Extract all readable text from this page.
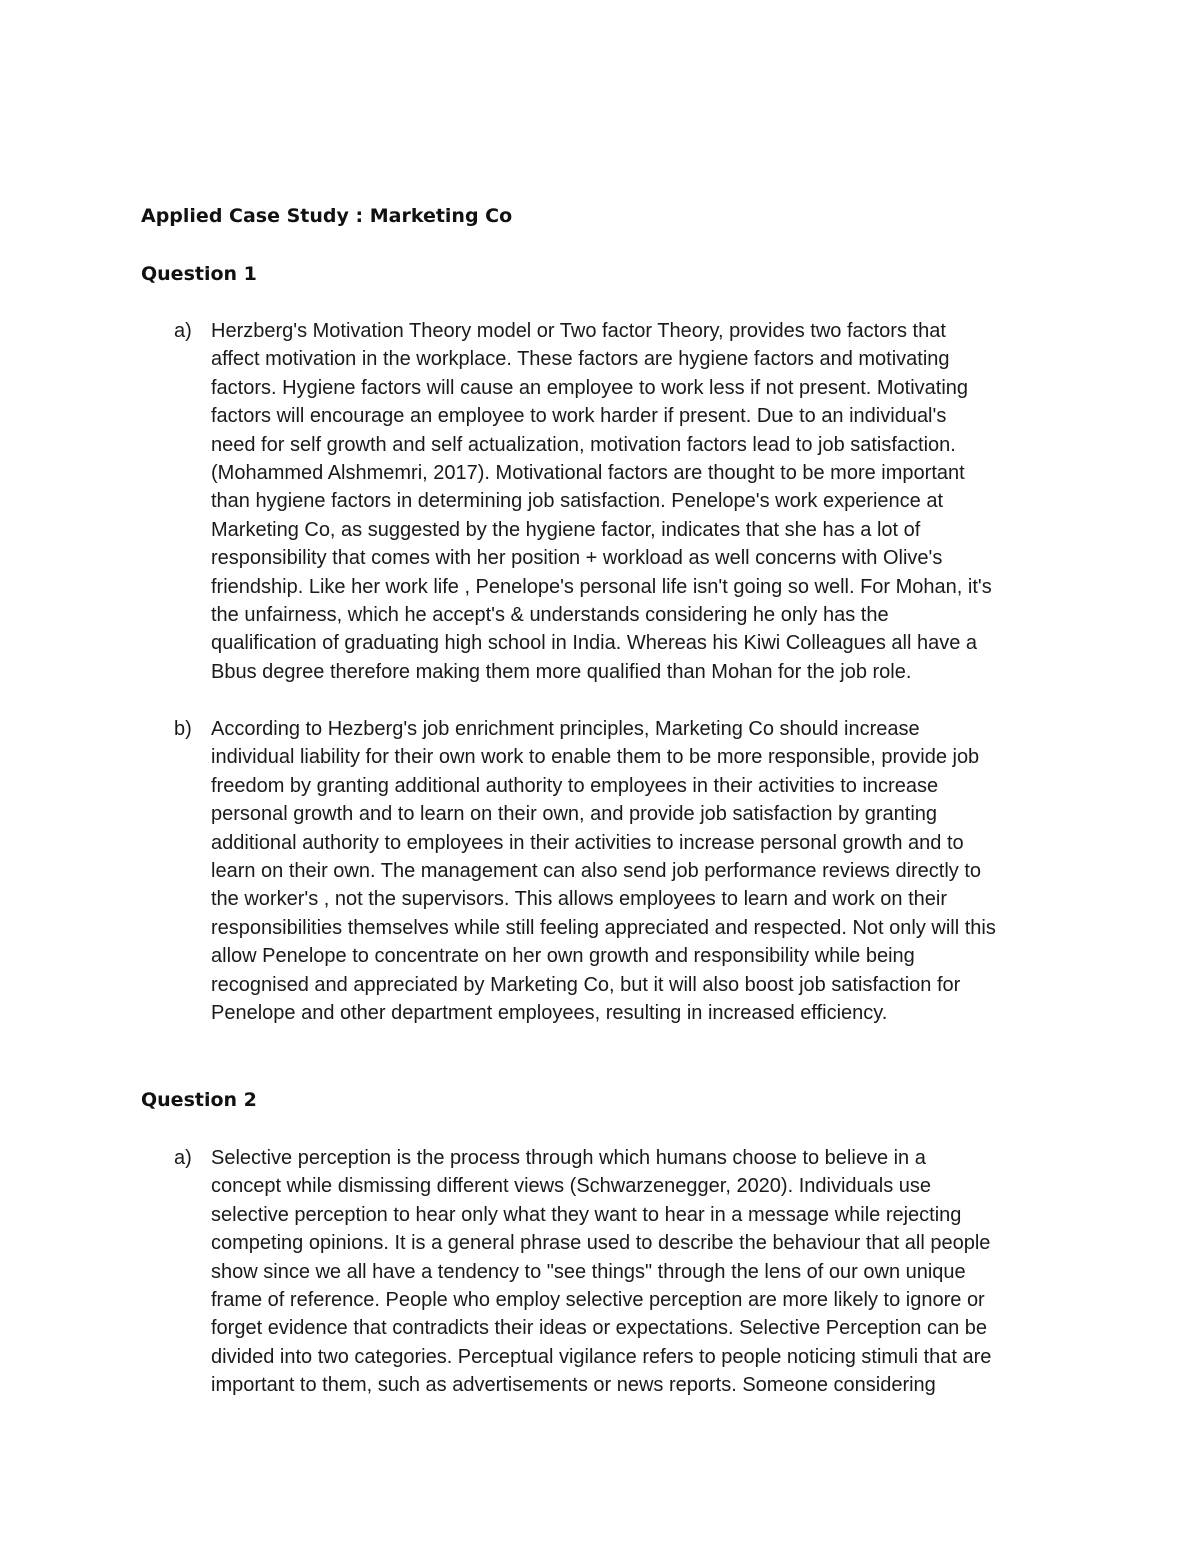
Applied Case Study : Marketing Co
Question 1
a) Herzberg's Motivation Theory model or Two factor Theory, provides two factors that
affect motivation in the workplace. These factors are hygiene factors and motivating
factors. Hygiene factors will cause an employee to work less if not present. Motivating
factors will encourage an employee to work harder if present. Due to an individual's
need for self growth and self actualization, motivation factors lead to job satisfaction.
(Mohammed Alshmemri, 2017). Motivational factors are thought to be more important
than hygiene factors in determining job satisfaction. Penelope's work experience at
Marketing Co, as suggested by the hygiene factor, indicates that she has a lot of
responsibility that comes with her position + workload as well concerns with Olive's
friendship. Like her work life , Penelope's personal life isn't going so well. For Mohan, it's
the unfairness, which he accept's & understands considering he only has the
qualification of graduating high school in India. Whereas his Kiwi Colleagues all have a
Bbus degree therefore making them more qualified than Mohan for the job role.

b) According to Hezberg's job enrichment principles, Marketing Co should increase
individual liability for their own work to enable them to be more responsible, provide job
freedom by granting additional authority to employees in their activities to increase
personal growth and to learn on their own, and provide job satisfaction by granting
additional authority to employees in their activities to increase personal growth and to
learn on their own. The management can also send job performance reviews directly to
the worker's , not the supervisors. This allows employees to learn and work on their
responsibilities themselves while still feeling appreciated and respected. Not only will this
allow Penelope to concentrate on her own growth and responsibility while being
recognised and appreciated by Marketing Co, but it will also boost job satisfaction for
Penelope and other department employees, resulting in increased efficiency.

Question 2
a) Selective perception is the process through which humans choose to believe in a
concept while dismissing different views (Schwarzenegger, 2020). Individuals use
selective perception to hear only what they want to hear in a message while rejecting
competing opinions. It is a general phrase used to describe the behaviour that all people
show since we all have a tendency to "see things" through the lens of our own unique
frame of reference. People who employ selective perception are more likely to ignore or
forget evidence that contradicts their ideas or expectations. Selective Perception can be
divided into two categories. Perceptual vigilance refers to people noticing stimuli that are
important to them, such as advertisements or news reports. Someone considering
